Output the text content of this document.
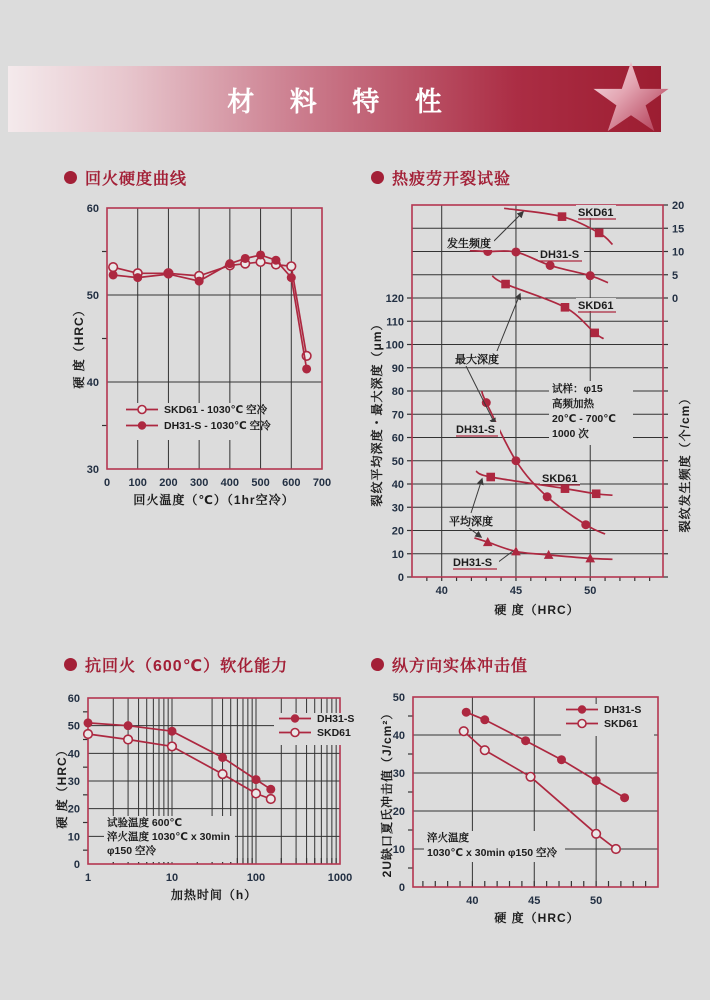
材 料 特 性
回火硬度曲线	热疲劳开裂试验
抗回火（600℃）软化能力	纵方向实体冲击值
SKD61 - 1030℃ 空冷
DH31-S - 1030℃ 空冷
30
40
50
60
0 100 200 300 400 500 600 700
回火温度（℃）（1hr空冷）
硬 度（HRC）
发生频度
SKD61
DH31-S
SKD61
最大深度
DH31-S
SKD61
平均深度
DH31-S
试样：φ15
高频加热
20℃ - 700℃
1000 次
0
10
20
30
40
50
60
70
80
90
100
110
120	0
5
10
15
20
40	45	50
硬 度（HRC）
裂纹平均深度・最大深度（μm）	裂纹发生频度（个/cm）
试验温度 600℃
淬火温度 1030℃ x 30min
φ150 空冷
DH31-S
SKD61
0
10
20
30
40
50
60
1	10	100	1000
加热时间（h）
硬 度（HRC）
淬火温度
1030℃ x 30min φ150 空冷
DH31-S
SKD61
0
10
20
30
40
50
40	45	50
硬 度（HRC）
2U缺口夏氏冲击值（J/cm²）
